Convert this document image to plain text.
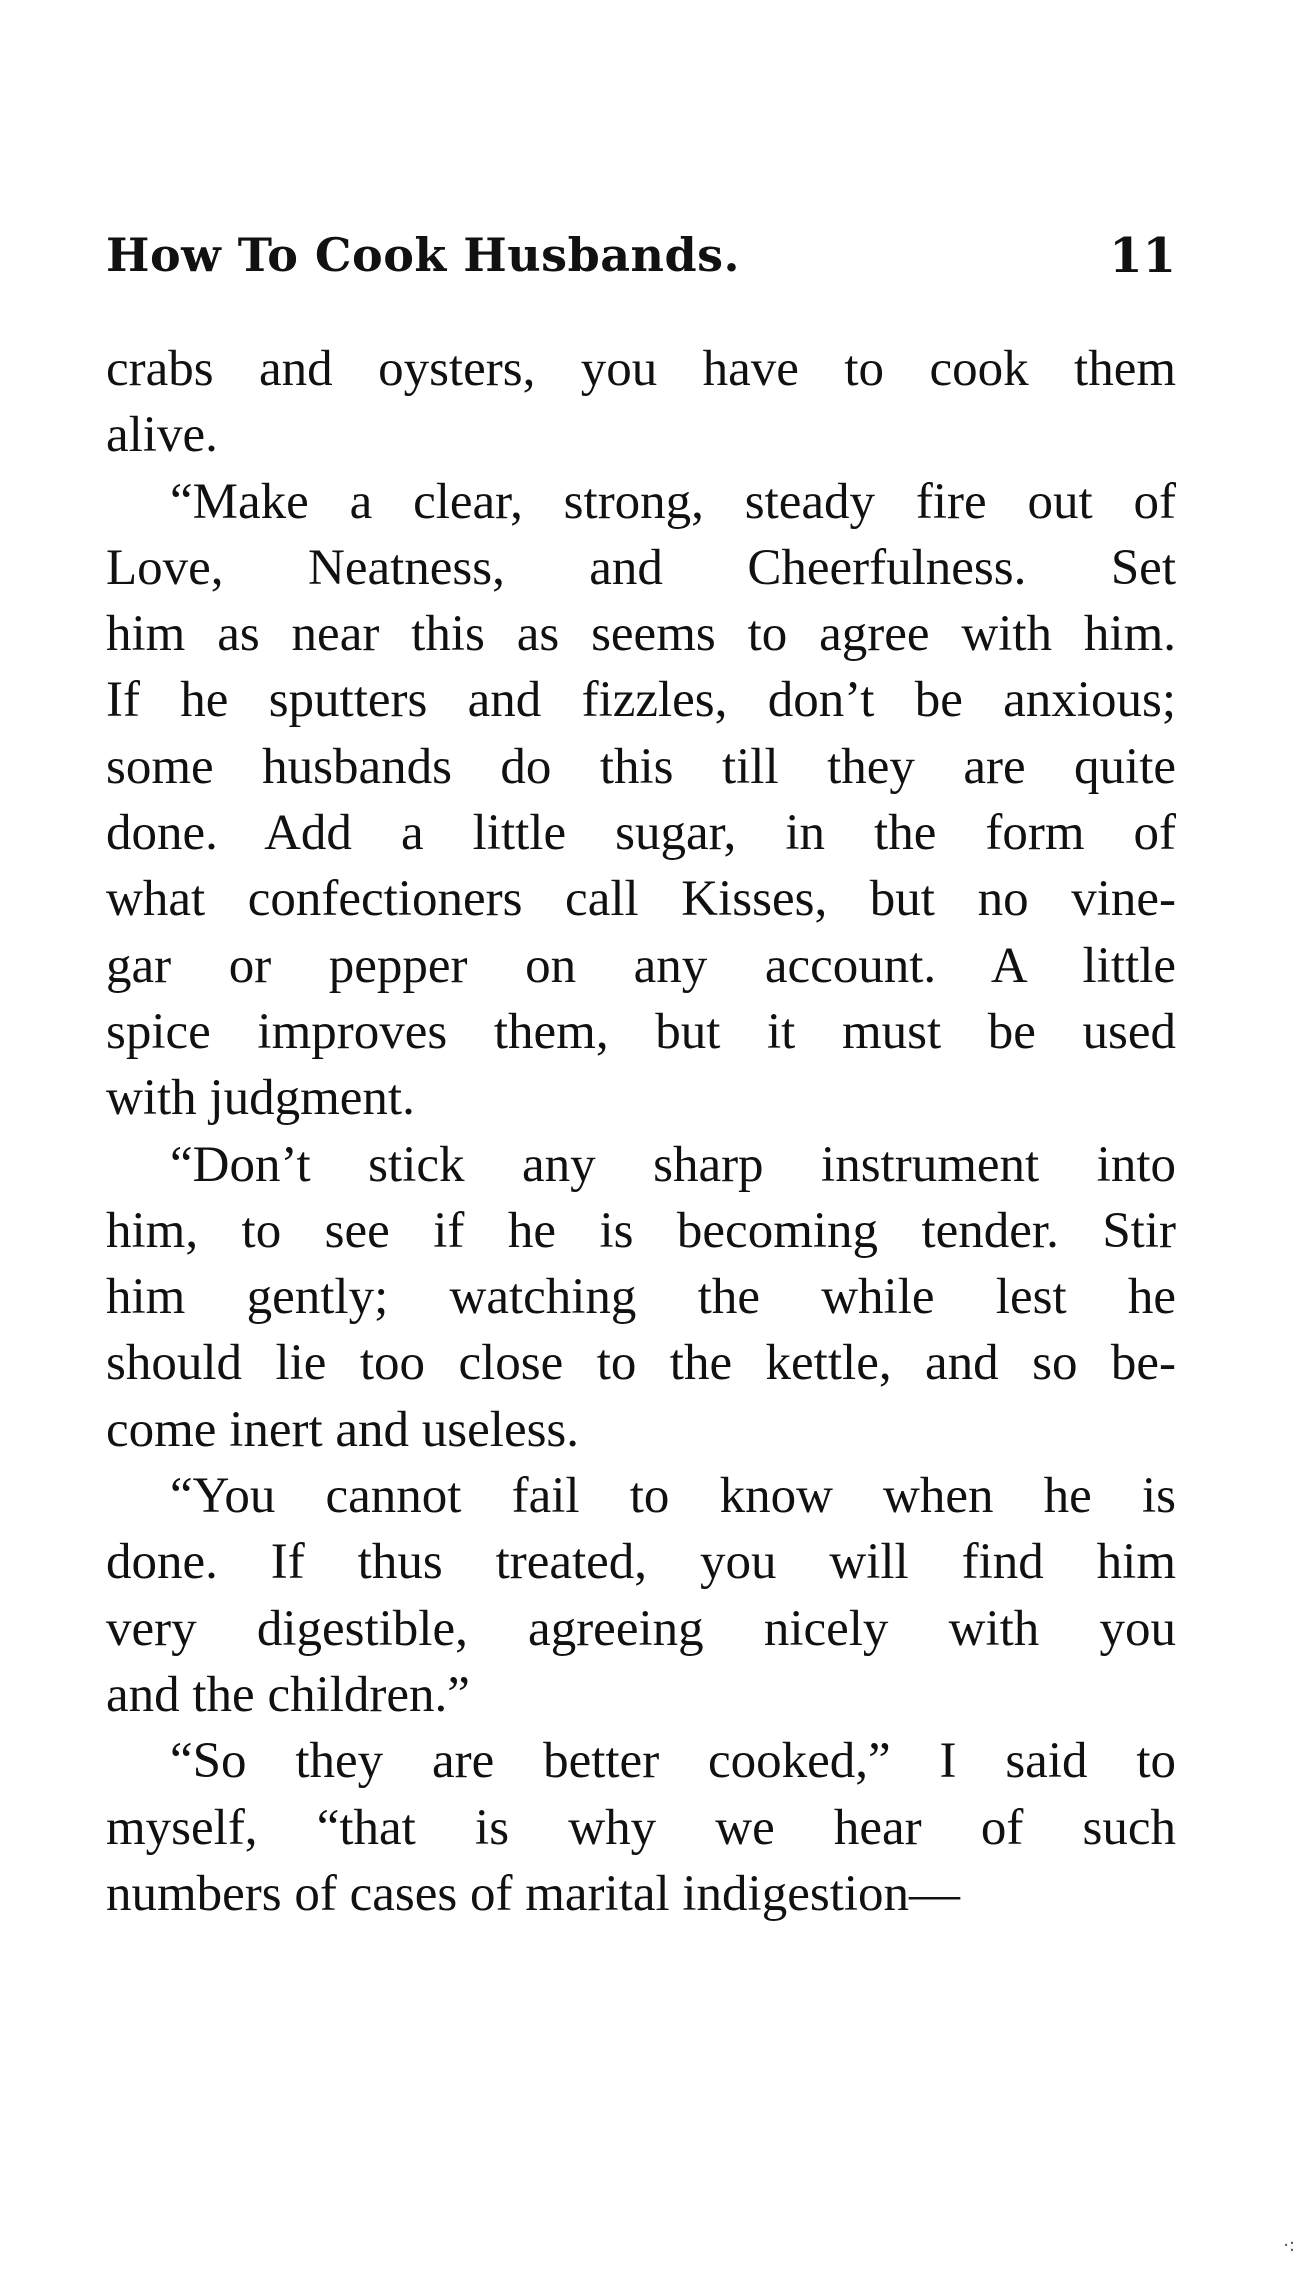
How To Cook Husbands.	11
crabs and oysters, you have to cook them
alive.
“Make a clear, strong, steady fire out of
Love, Neatness, and Cheerfulness. Set
him as near this as seems to agree with him.
If he sputters and fizzles, don’t be anxious;
some husbands do this till they are quite
done. Add a little sugar, in the form of
what confectioners call Kisses, but no vine-
gar or pepper on any account. A little
spice improves them, but it must be used
with judgment.
“Don’t stick any sharp instrument into
him, to see if he is becoming tender. Stir
him gently; watching the while lest he
should lie too close to the kettle, and so be-
come inert and useless.
“You cannot fail to know when he is
done. If thus treated, you will find him
very digestible, agreeing nicely with you
and the children.”
“So they are better cooked,” I said to
myself, “that is why we hear of such
numbers of cases of marital indigestion—
·:
